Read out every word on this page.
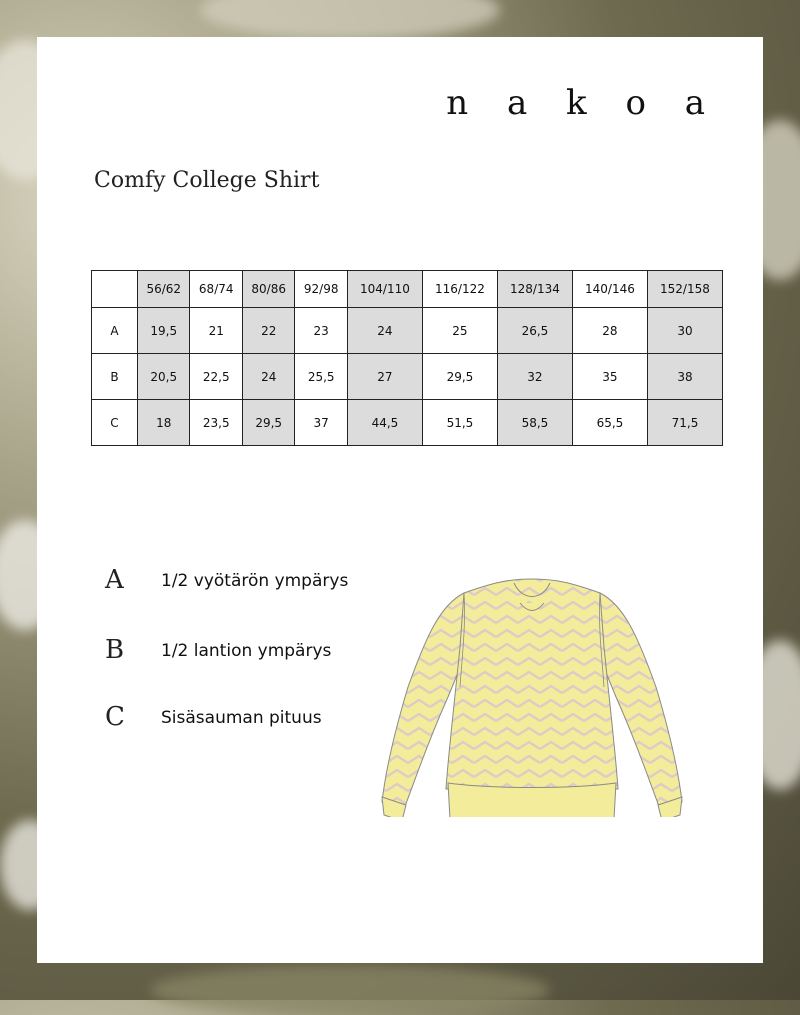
n a k o a
Comfy College Shirt
	56/62	68/74	80/86	92/98	104/110	116/122	128/134	140/146	152/158
A	19,5	21	22	23	24	25	26,5	28	30
B	20,5	22,5	24	25,5	27	29,5	32	35	38
C	18	23,5	29,5	37	44,5	51,5	58,5	65,5	71,5
A 1/2 vyötärön ympärys
B 1/2 lantion ympärys
C Sisäsauman pituus
